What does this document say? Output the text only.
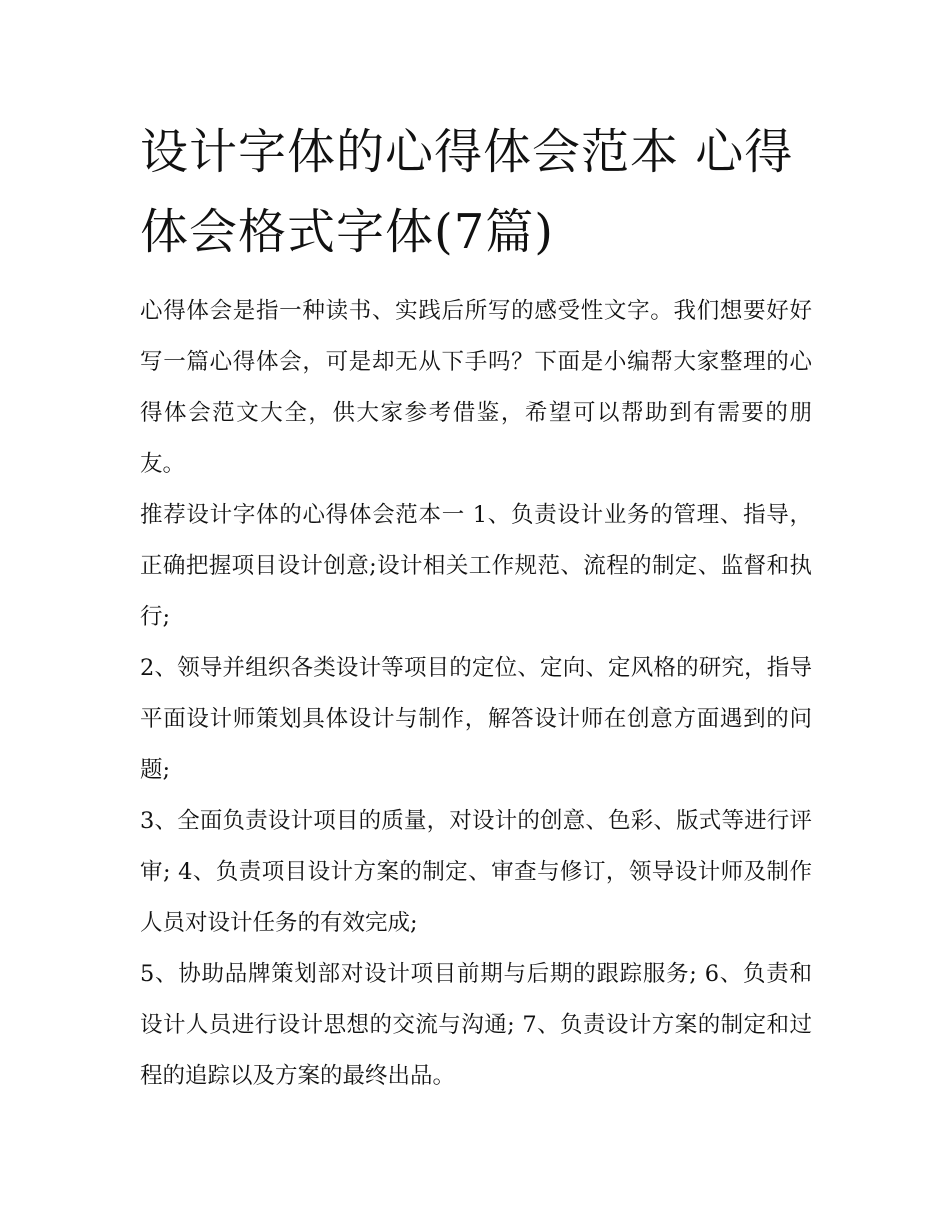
设计字体的心得体会范本 心得体会格式字体(7篇)

心得体会是指一种读书、实践后所写的感受性文字。我们想要好好写一篇心得体会，可是却无从下手吗？下面是小编帮大家整理的心得体会范文大全，供大家参考借鉴，希望可以帮助到有需要的朋友。

推荐设计字体的心得体会范本一 1、负责设计业务的管理、指导，正确把握项目设计创意;设计相关工作规范、流程的制定、监督和执行;

2、领导并组织各类设计等项目的定位、定向、定风格的研究，指导平面设计师策划具体设计与制作，解答设计师在创意方面遇到的问题;

3、全面负责设计项目的质量，对设计的创意、色彩、版式等进行评审; 4、负责项目设计方案的制定、审查与修订，领导设计师及制作人员对设计任务的有效完成;

5、协助品牌策划部对设计项目前期与后期的跟踪服务; 6、负责和设计人员进行设计思想的交流与沟通; 7、负责设计方案的制定和过程的追踪以及方案的最终出品。
